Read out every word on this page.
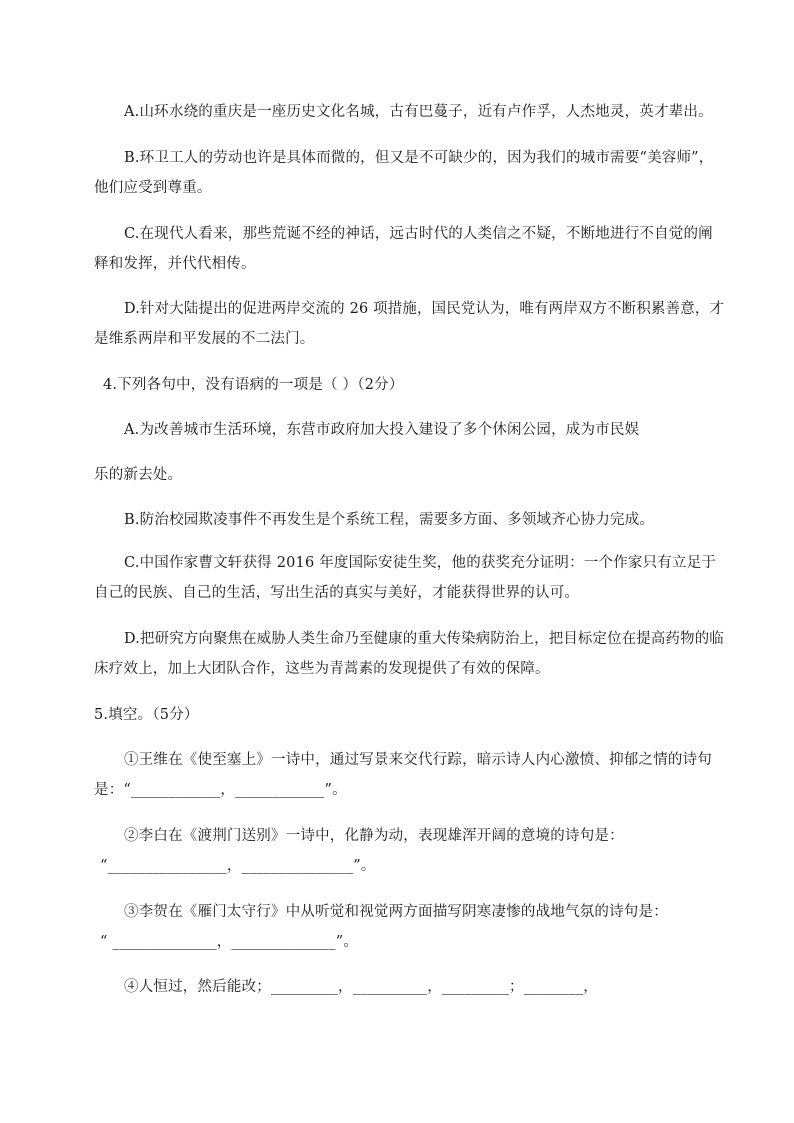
A.山环水绕的重庆是一座历史文化名城，古有巴蔓子，近有卢作孚，人杰地灵，英才辈出。
B.环卫工人的劳动也许是具体而微的，但又是不可缺少的，因为我们的城市需要“美容师”，
他们应受到尊重。
C.在现代人看来，那些荒诞不经的神话，远古时代的人类信之不疑，不断地进行不自觉的阐
释和发挥，并代代相传。
D.针对大陆提出的促进两岸交流的 26 项措施，国民党认为，唯有两岸双方不断积累善意，才
是维系两岸和平发展的不二法门。
4.下列各句中，没有语病的一项是（ ）（2分）
A.为改善城市生活环境，东营市政府加大投入建设了多个休闲公园，成为市民娱
乐的新去处。
B.防治校园欺凌事件不再发生是个系统工程，需要多方面、多领域齐心协力完成。
C.中国作家曹文轩获得 2016 年度国际安徒生奖，他的获奖充分证明：一个作家只有立足于
自己的民族、自己的生活，写出生活的真实与美好，才能获得世界的认可。
D.把研究方向聚焦在威胁人类生命乃至健康的重大传染病防治上，把目标定位在提高药物的临
床疗效上，加上大团队合作，这些为青蒿素的发现提供了有效的保障。
5.填空。（5分）
①王维在《使至塞上》一诗中，通过写景来交代行踪，暗示诗人内心激愤、抑郁之情的诗句
是：“____________，____________”。
②李白在《渡荆门送别》一诗中，化静为动，表现雄浑开阔的意境的诗句是：
“________________，_______________”。
③李贺在《雁门太守行》中从听觉和视觉两方面描写阴寒凄惨的战地气氛的诗句是：
“ ______________，______________”。
④人恒过，然后能改；_________，__________，_________；________，
